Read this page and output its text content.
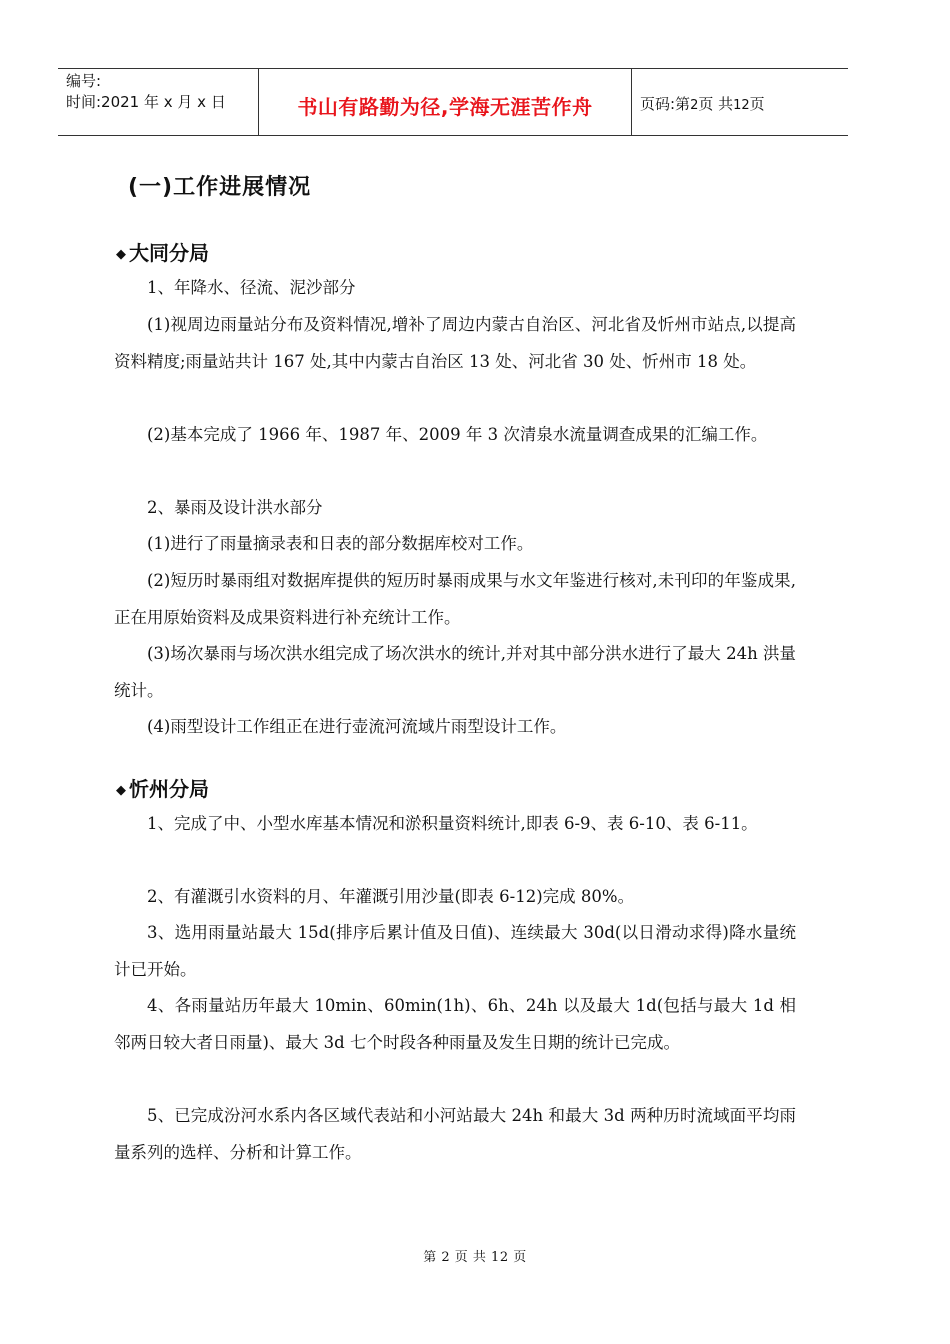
编号:
时间:2021 年 x 月 x 日	书山有路勤为径,学海无涯苦作舟	页码:第2页 共12页
(一)工作进展情况
◆ 大同分局

1、年降水、径流、泥沙部分

(1)视周边雨量站分布及资料情况,增补了周边内蒙古自治区、河北省及忻州市站点,以提高资料精度;雨量站共计 167 处,其中内蒙古自治区 13 处、河北省 30 处、忻州市 18 处。

(2)基本完成了 1966 年、1987 年、2009 年 3 次清泉水流量调查成果的汇编工作。

2、暴雨及设计洪水部分

(1)进行了雨量摘录表和日表的部分数据库校对工作。

(2)短历时暴雨组对数据库提供的短历时暴雨成果与水文年鉴进行核对,未刊印的年鉴成果,正在用原始资料及成果资料进行补充统计工作。

(3)场次暴雨与场次洪水组完成了场次洪水的统计,并对其中部分洪水进行了最大 24h 洪量统计。

(4)雨型设计工作组正在进行壶流河流域片雨型设计工作。

◆ 忻州分局

1、完成了中、小型水库基本情况和淤积量资料统计,即表 6-9、表 6-10、表 6-11。

2、有灌溉引水资料的月、年灌溉引用沙量(即表 6-12)完成 80%。

3、选用雨量站最大 15d(排序后累计值及日值)、连续最大 30d(以日滑动求得)降水量统计已开始。

4、各雨量站历年最大 10min、60min(1h)、6h、24h 以及最大 1d(包括与最大 1d 相邻两日较大者日雨量)、最大 3d 七个时段各种雨量及发生日期的统计已完成。

5、已完成汾河水系内各区域代表站和小河站最大 24h 和最大 3d 两种历时流域面平均雨量系列的选样、分析和计算工作。

第 2 页 共 12 页
